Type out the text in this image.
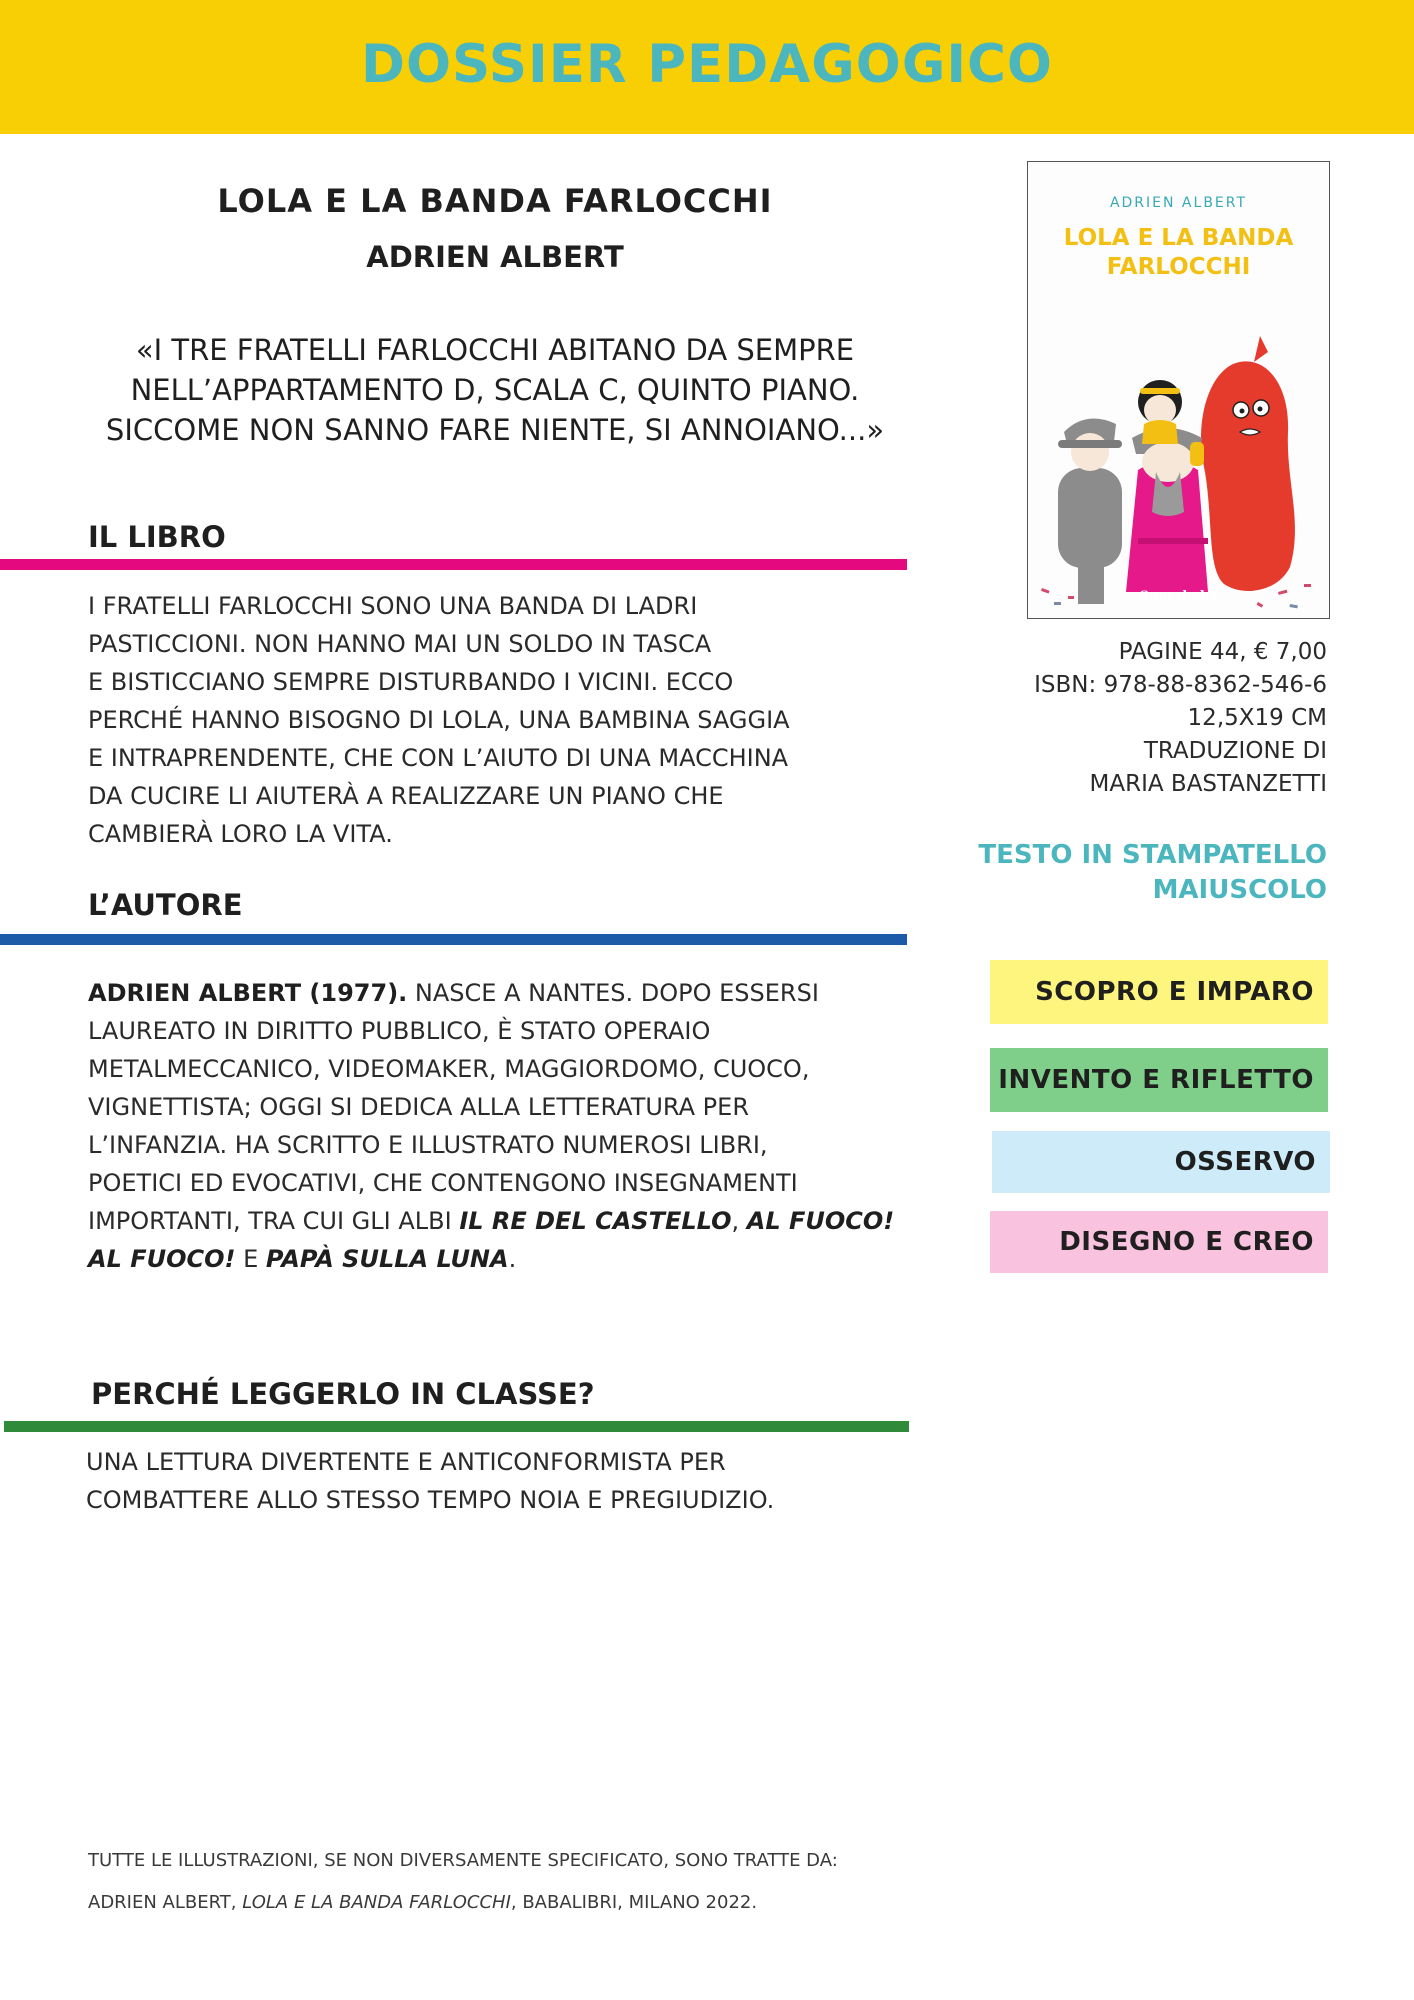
DOSSIER PEDAGOGICO
LOLA E LA BANDA FARLOCCHI
ADRIEN ALBERT
«I TRE FRATELLI FARLOCCHI ABITANO DA SEMPRE
NELL’APPARTAMENTO D, SCALA C, QUINTO PIANO.
SICCOME NON SANNO FARE NIENTE, SI ANNOIANO...»
IL LIBRO
I FRATELLI FARLOCCHI SONO UNA BANDA DI LADRI
PASTICCIONI. NON HANNO MAI UN SOLDO IN TASCA
E BISTICCIANO SEMPRE DISTURBANDO I VICINI. ECCO
PERCHÉ HANNO BISOGNO DI LOLA, UNA BAMBINA SAGGIA
E INTRAPRENDENTE, CHE CON L’AIUTO DI UNA MACCHINA
DA CUCIRE LI AIUTERÀ A REALIZZARE UN PIANO CHE
CAMBIERÀ LORO LA VITA.
L’AUTORE
ADRIEN ALBERT (1977). NASCE A NANTES. DOPO ESSERSI
LAUREATO IN DIRITTO PUBBLICO, È STATO OPERAIO
METALMECCANICO, VIDEOMAKER, MAGGIORDOMO, CUOCO,
VIGNETTISTA; OGGI SI DEDICA ALLA LETTERATURA PER
L’INFANZIA. HA SCRITTO E ILLUSTRATO NUMEROSI LIBRI,
POETICI ED EVOCATIVI, CHE CONTENGONO INSEGNAMENTI
IMPORTANTI, TRA CUI GLI ALBI IL RE DEL CASTELLO, AL FUOCO!
AL FUOCO! E PAPÀ SULLA LUNA.
PERCHÉ LEGGERLO IN CLASSE?
UNA LETTURA DIVERTENTE E ANTICONFORMISTA PER
COMBATTERE ALLO STESSO TEMPO NOIA E PREGIUDIZIO.
ADRIEN ALBERT
LOLA E LA BANDA
FARLOCCHI
Superbaba
PAGINE 44, € 7,00
ISBN: 978-88-8362-546-6
12,5X19 CM
TRADUZIONE DI
MARIA BASTANZETTI
TESTO IN STAMPATELLO
MAIUSCOLO
SCOPRO E IMPARO
INVENTO E RIFLETTO
OSSERVO
DISEGNO E CREO
TUTTE LE ILLUSTRAZIONI, SE NON DIVERSAMENTE SPECIFICATO, SONO TRATTE DA:
ADRIEN ALBERT, LOLA E LA BANDA FARLOCCHI, BABALIBRI, MILANO 2022.
